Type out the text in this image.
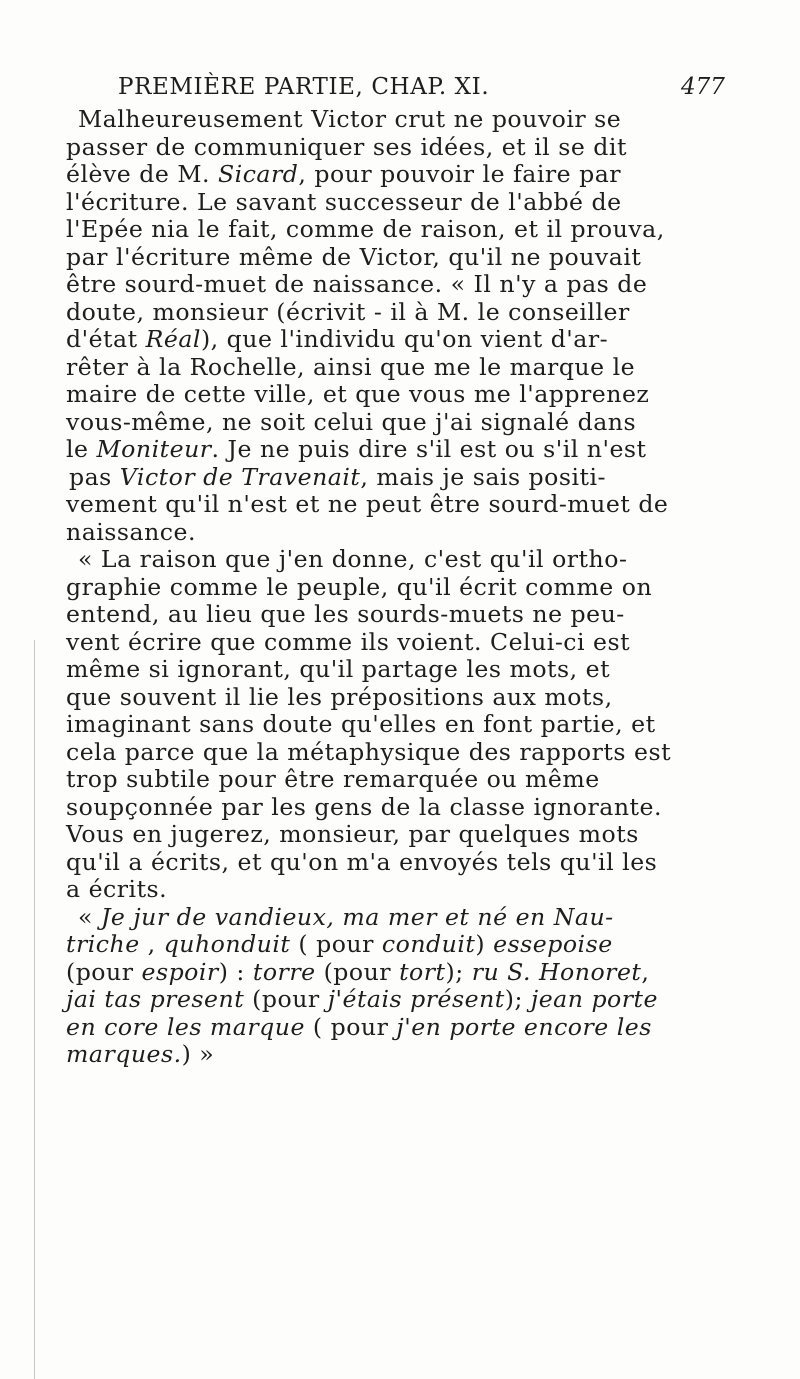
PREMIÈRE PARTIE, CHAP. XI.	477
Malheureusement Victor crut ne pouvoir se
passer de communiquer ses idées, et il se dit
élève de M. Sicard, pour pouvoir le faire par
l'écriture. Le savant successeur de l'abbé de
l'Epée nia le fait, comme de raison, et il prouva,
par l'écriture même de Victor, qu'il ne pouvait
être sourd-muet de naissance. « Il n'y a pas de
doute, monsieur (écrivit - il à M. le conseiller
d'état Réal), que l'individu qu'on vient d'ar-
rêter à la Rochelle, ainsi que me le marque le
maire de cette ville, et que vous me l'apprenez
vous-même, ne soit celui que j'ai signalé dans
le Moniteur. Je ne puis dire s'il est ou s'il n'est
pas Victor de Travenait, mais je sais positi-
vement qu'il n'est et ne peut être sourd-muet de
naissance.
« La raison que j'en donne, c'est qu'il ortho-
graphie comme le peuple, qu'il écrit comme on
entend, au lieu que les sourds-muets ne peu-
vent écrire que comme ils voient. Celui-ci est
même si ignorant, qu'il partage les mots, et
que souvent il lie les prépositions aux mots,
imaginant sans doute qu'elles en font partie, et
cela parce que la métaphysique des rapports est
trop subtile pour être remarquée ou même
soupçonnée par les gens de la classe ignorante.
Vous en jugerez, monsieur, par quelques mots
qu'il a écrits, et qu'on m'a envoyés tels qu'il les
a écrits.
« Je jur de vandieux, ma mer et né en Nau-
triche , quhonduit ( pour conduit) essepoise
(pour espoir) : torre (pour tort); ru S. Honoret,
jai tas present (pour j'étais présent); jean porte
en core les marque ( pour j'en porte encore les
marques.) »
